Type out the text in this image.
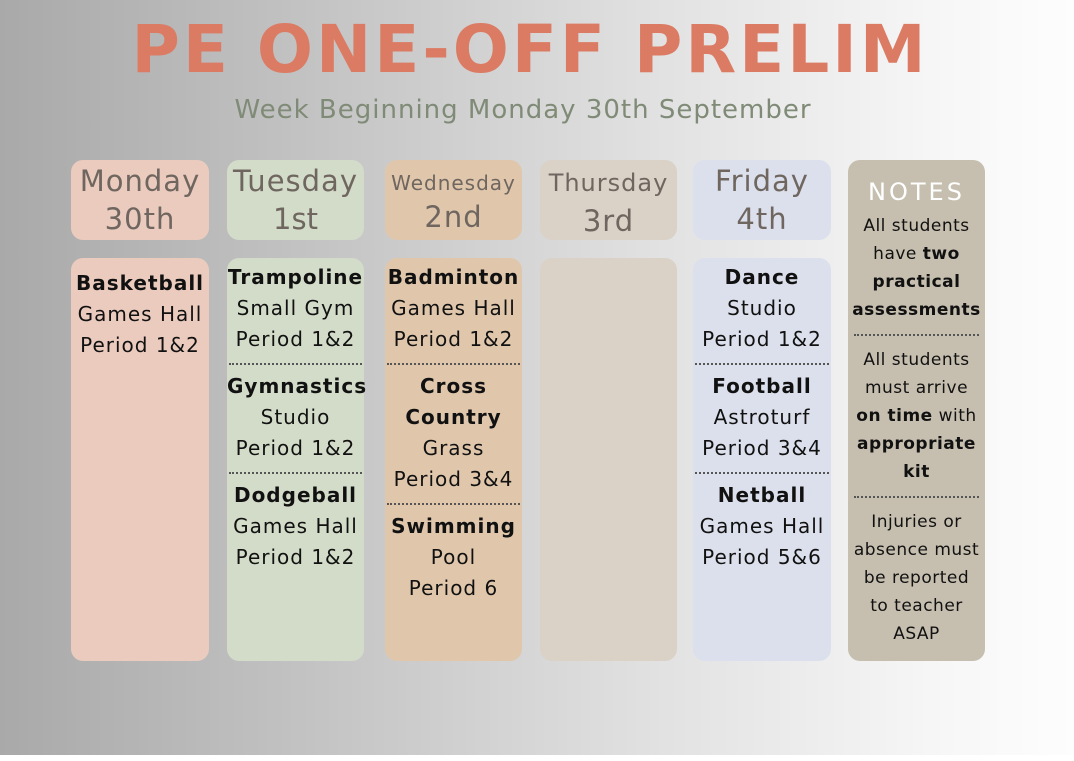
PE ONE-OFF PRELIM
Week Beginning Monday 30th September
Monday
30th
Tuesday
1st
Wednesday
2nd
Thursday
3rd
Friday
4th
Basketball
Games Hall
Period 1&2
Trampoline
Small Gym
Period 1&2
Gymnastics
Studio
Period 1&2
Dodgeball
Games Hall
Period 1&2
Badminton
Games Hall
Period 1&2
Cross
Country
Grass
Period 3&4
Swimming
Pool
Period 6
Dance
Studio
Period 1&2
Football
Astroturf
Period 3&4
Netball
Games Hall
Period 5&6
NOTES
All students have two practical assessments
All students must arrive on time with appropriate kit
Injuries or absence must be reported to teacher ASAP
